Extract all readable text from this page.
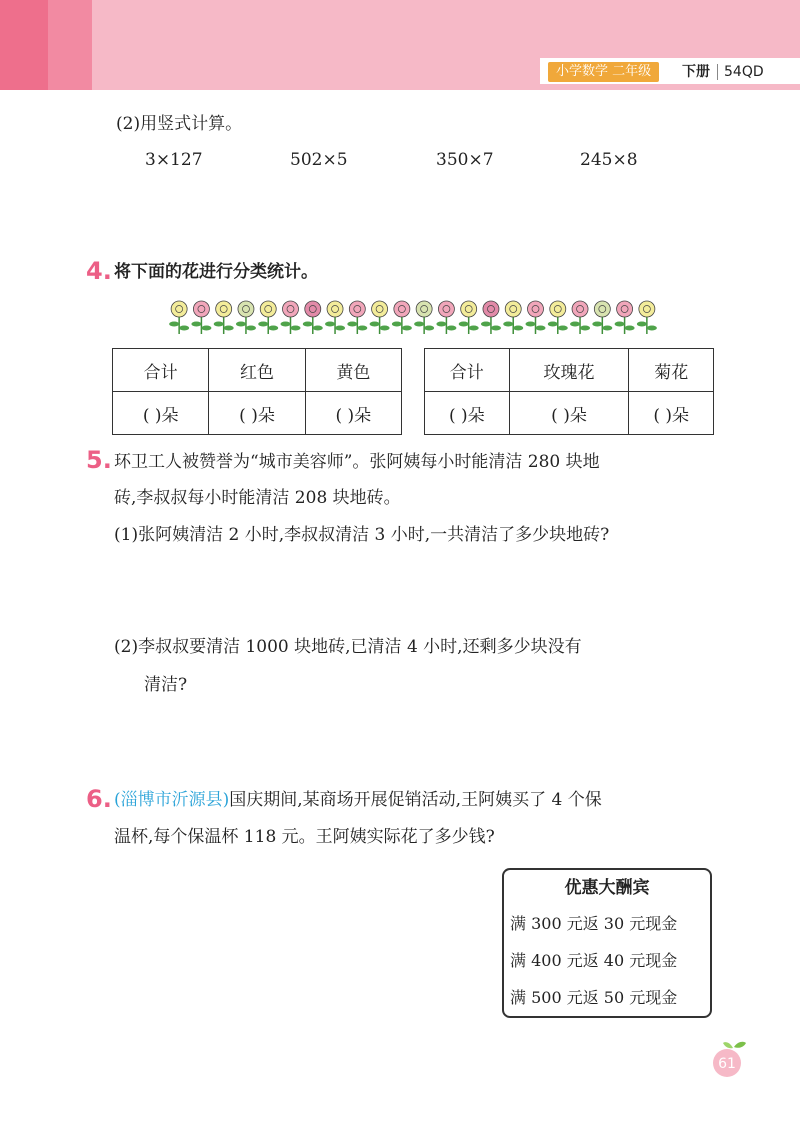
小学数学 二年级	下册 54QD
(2)用竖式计算。
3×127	502×5	350×7	245×8
4. 将下面的花进行分类统计。
合计	红色	黄色
( )朵	( )朵	( )朵
合计	玫瑰花	菊花
( )朵	( )朵	( )朵
5. 环卫工人被赞誉为“城市美容师”。张阿姨每小时能清洁 280 块地
砖,李叔叔每小时能清洁 208 块地砖。
(1)张阿姨清洁 2 小时,李叔叔清洁 3 小时,一共清洁了多少块地砖?
(2)李叔叔要清洁 1000 块地砖,已清洁 4 小时,还剩多少块没有
清洁?
6. (淄博市沂源县)国庆期间,某商场开展促销活动,王阿姨买了 4 个保
温杯,每个保温杯 118 元。王阿姨实际花了多少钱?
优惠大酬宾
满 300 元返 30 元现金
满 400 元返 40 元现金
满 500 元返 50 元现金
61
